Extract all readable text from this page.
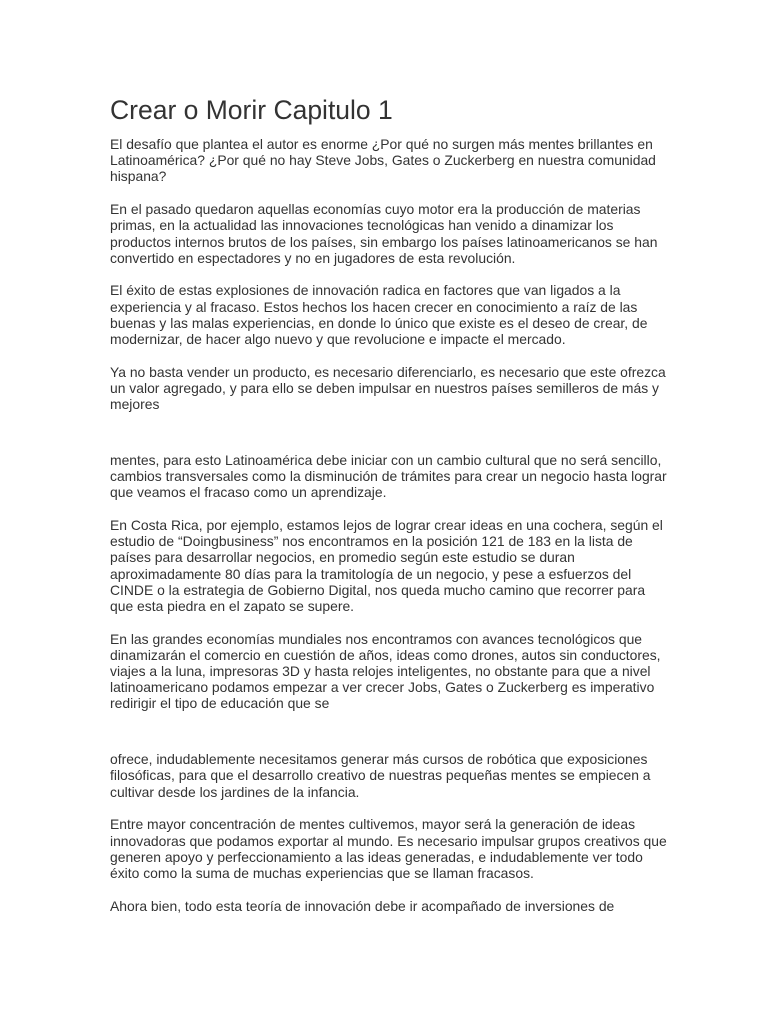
Crear o Morir Capitulo 1

El desafío que plantea el autor es enorme ¿Por qué no surgen más mentes brillantes en Latinoamérica? ¿Por qué no hay Steve Jobs, Gates o Zuckerberg en nuestra comunidad hispana?

En el pasado quedaron aquellas economías cuyo motor era la producción de materias primas, en la actualidad las innovaciones tecnológicas han venido a dinamizar los productos internos brutos de los países, sin embargo los países latinoamericanos se han convertido en espectadores y no en jugadores de esta revolución.

El éxito de estas explosiones de innovación radica en factores que van ligados a la experiencia y al fracaso. Estos hechos los hacen crecer en conocimiento a raíz de las buenas y las malas experiencias, en donde lo único que existe es el deseo de crear, de modernizar, de hacer algo nuevo y que revolucione e impacte el mercado.

Ya no basta vender un producto, es necesario diferenciarlo, es necesario que este ofrezca un valor agregado, y para ello se deben impulsar en nuestros países semilleros de más y mejores

mentes, para esto Latinoamérica debe iniciar con un cambio cultural que no será sencillo, cambios transversales como la disminución de trámites para crear un negocio hasta lograr que veamos el fracaso como un aprendizaje.

En Costa Rica, por ejemplo, estamos lejos de lograr crear ideas en una cochera, según el estudio de “Doingbusiness” nos encontramos en la posición 121 de 183 en la lista de países para desarrollar negocios, en promedio según este estudio se duran aproximadamente 80 días para la tramitología de un negocio, y pese a esfuerzos del CINDE o la estrategia de Gobierno Digital, nos queda mucho camino que recorrer para que esta piedra en el zapato se supere.

En las grandes economías mundiales nos encontramos con avances tecnológicos que dinamizarán el comercio en cuestión de años, ideas como drones, autos sin conductores, viajes a la luna, impresoras 3D y hasta relojes inteligentes, no obstante para que a nivel latinoamericano podamos empezar a ver crecer Jobs, Gates o Zuckerberg es imperativo redirigir el tipo de educación que se

ofrece, indudablemente necesitamos generar más cursos de robótica que exposiciones filosóficas, para que el desarrollo creativo de nuestras pequeñas mentes se empiecen a cultivar desde los jardines de la infancia.

Entre mayor concentración de mentes cultivemos, mayor será la generación de ideas innovadoras que podamos exportar al mundo. Es necesario impulsar grupos creativos que generen apoyo y perfeccionamiento a las ideas generadas, e indudablemente ver todo éxito como la suma de muchas experiencias que se llaman fracasos.

Ahora bien, todo esta teoría de innovación debe ir acompañado de inversiones de
